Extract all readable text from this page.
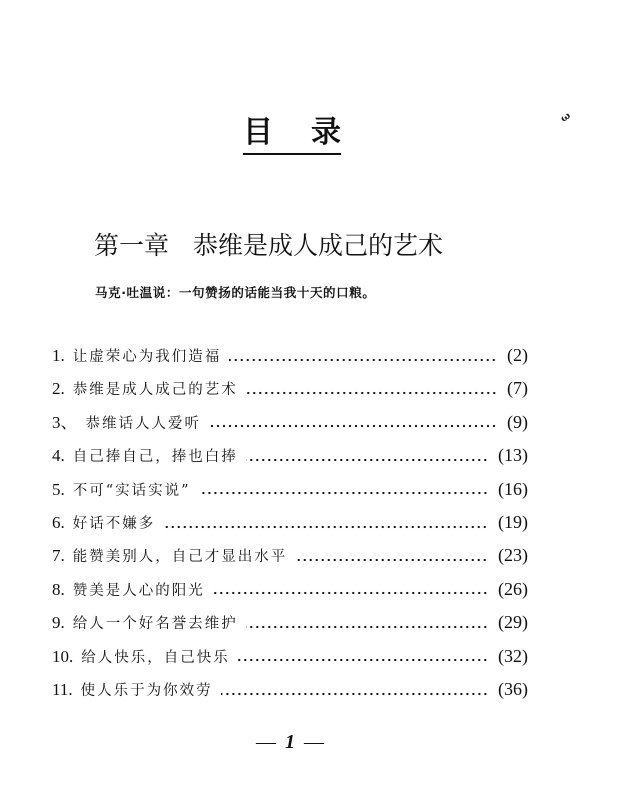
目 录	ω
第一章 恭维是成人成己的艺术
马克·吐温说：一句赞扬的话能当我十天的口粮。
1. 让虚荣心为我们造福	(2)
2. 恭维是成人成己的艺术	(7)
3、 恭维话人人爱听	(9)
4. 自己捧自己，捧也白捧	(13)
5. 不可“实话实说”	(16)
6. 好话不嫌多	(19)
7. 能赞美别人，自己才显出水平	(23)
8. 赞美是人心的阳光	(26)
9. 给人一个好名誉去维护	(29)
10. 给人快乐，自己快乐	(32)
11. 使人乐于为你效劳	(36)
— 1 —
